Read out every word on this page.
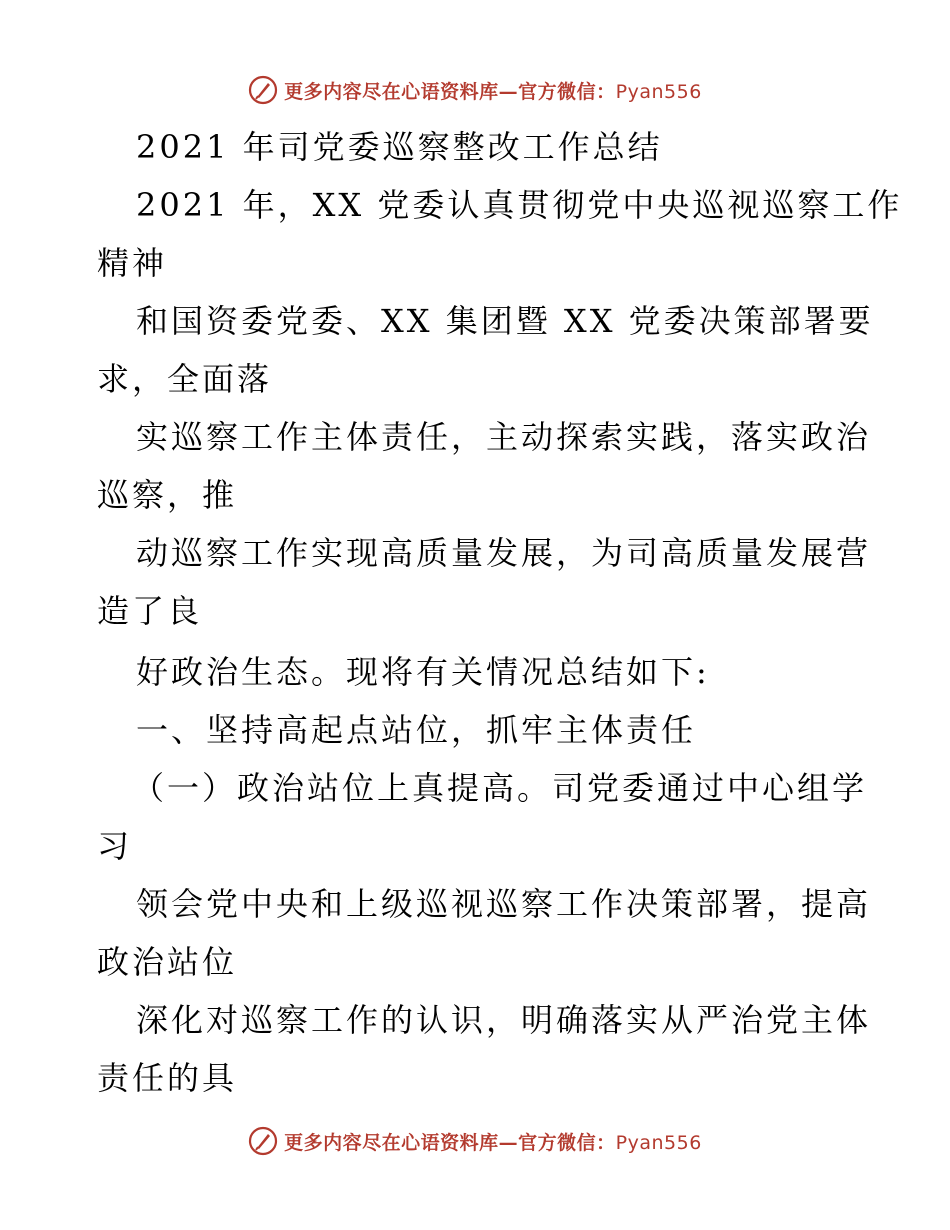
更多内容尽在心语资料库—官方微信：Pyan556
2021 年司党委巡察整改工作总结
2021 年，XX 党委认真贯彻党中央巡视巡察工作
精神
和国资委党委、XX 集团暨 XX 党委决策部署要
求，全面落
实巡察工作主体责任，主动探索实践，落实政治
巡察，推
动巡察工作实现高质量发展，为司高质量发展营
造了良
好政治生态。现将有关情况总结如下:
一、坚持高起点站位，抓牢主体责任
（一）政治站位上真提高。司党委通过中心组学
习
领会党中央和上级巡视巡察工作决策部署，提高
政治站位
深化对巡察工作的认识，明确落实从严治党主体
责任的具
更多内容尽在心语资料库—官方微信：Pyan556
